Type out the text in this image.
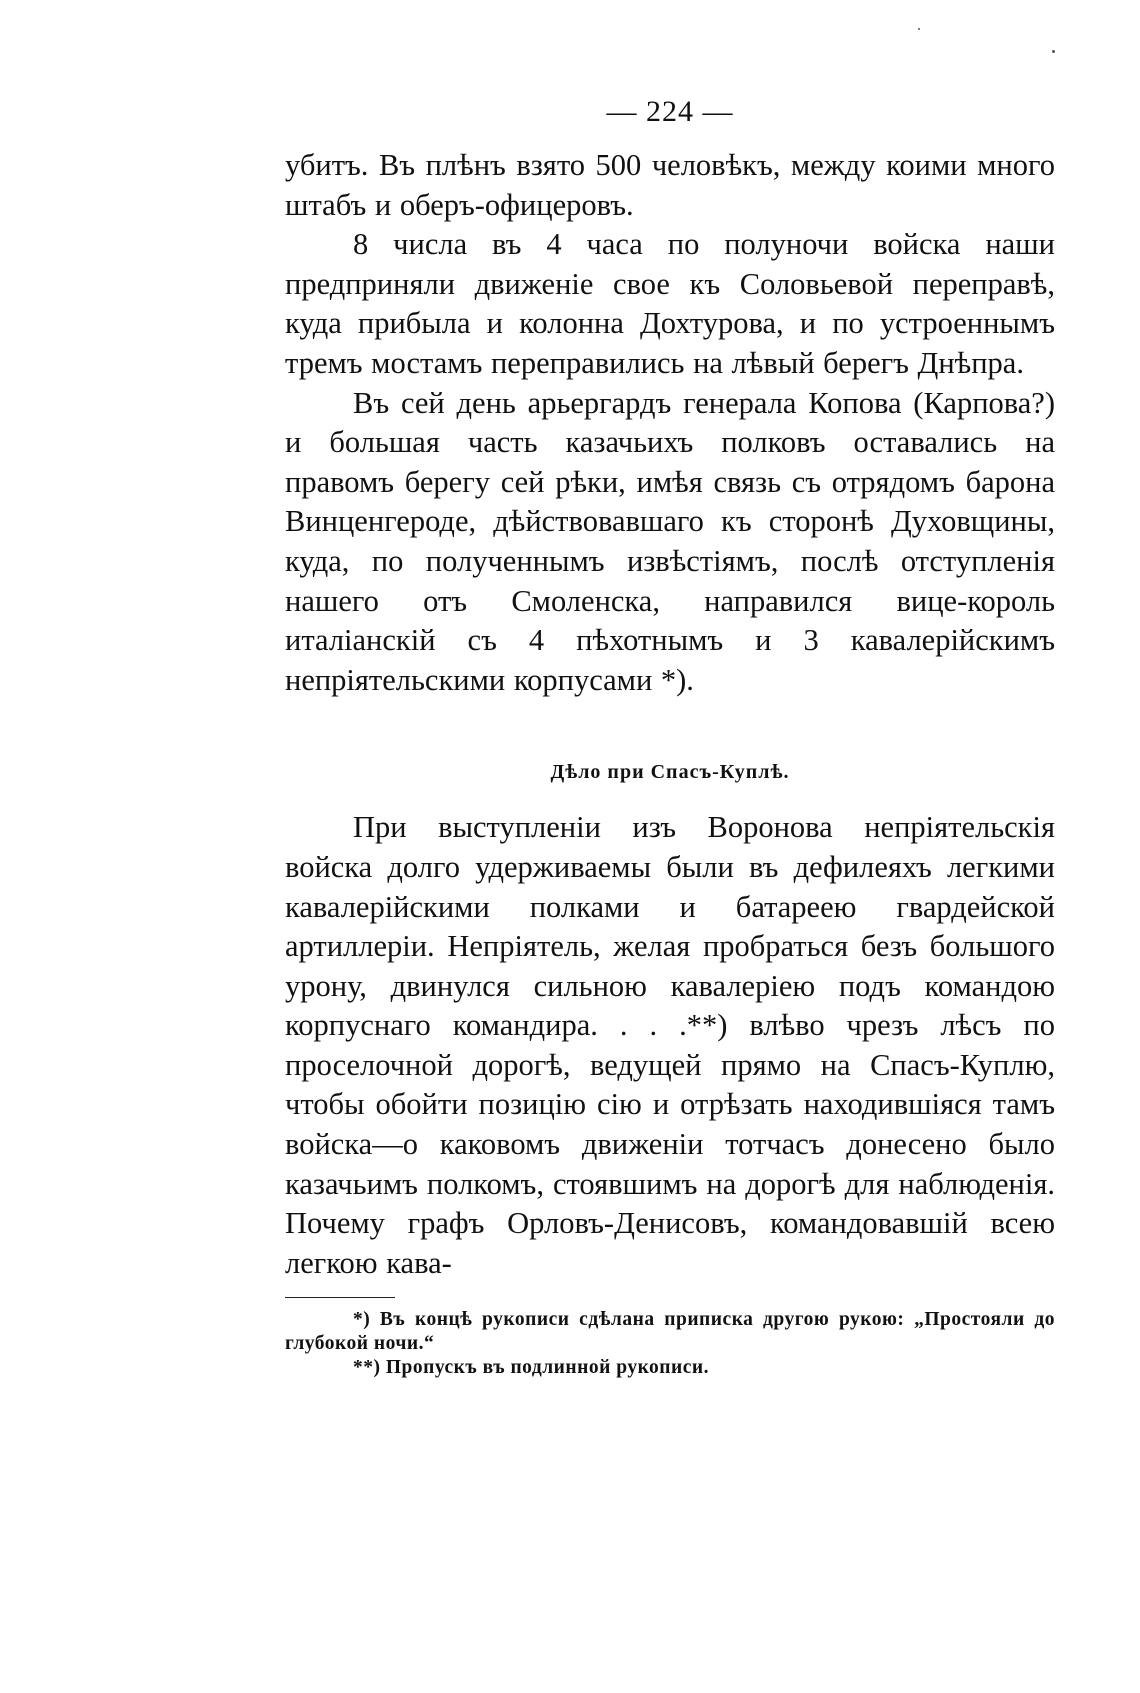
— 224 —

убитъ. Въ плѣнъ взято 500 человѣкъ, между коими много штабъ и оберъ-офицеровъ.

8 числа въ 4 часа по полуночи войска наши предприняли движеніе свое къ Соловьевой переправѣ, куда прибыла и колонна Дохтурова, и по устроеннымъ тремъ мостамъ переправились на лѣвый берегъ Днѣпра.

Въ сей день арьергардъ генерала Копова (Карпова?) и большая часть казачьихъ полковъ оставались на правомъ берегу сей рѣки, имѣя связь съ отрядомъ барона Винценгероде, дѣйствовавшаго къ сторонѣ Духовщины, куда, по полученнымъ извѣстіямъ, послѣ отступленія нашего отъ Смоленска, направился вице-король италіанскій съ 4 пѣхотнымъ и 3 кавалерійскимъ непріятельскими корпусами *).

Дѣло при Спасъ-Куплѣ.

При выступленіи изъ Воронова непріятельскія войска долго удерживаемы были въ дефилеяхъ легкими кавалерійскими полками и батареею гвардейской артиллеріи. Непріятель, желая пробраться безъ большого урону, двинулся сильною кавалеріею подъ командою корпуснаго командира. . . .**) влѣво чрезъ лѣсъ по проселочной дорогѣ, ведущей прямо на Спасъ-Куплю, чтобы обойти позицію сію и отрѣзать находившіяся тамъ войска—о каковомъ движеніи тотчасъ донесено было казачьимъ полкомъ, стоявшимъ на дорогѣ для наблюденія. Почему графъ Орловъ-Денисовъ, командовавшій всею легкою кава-

*) Въ концѣ рукописи сдѣлана приписка другою рукою: „Простояли до глубокой ночи.“

**) Пропускъ въ подлинной рукописи.
